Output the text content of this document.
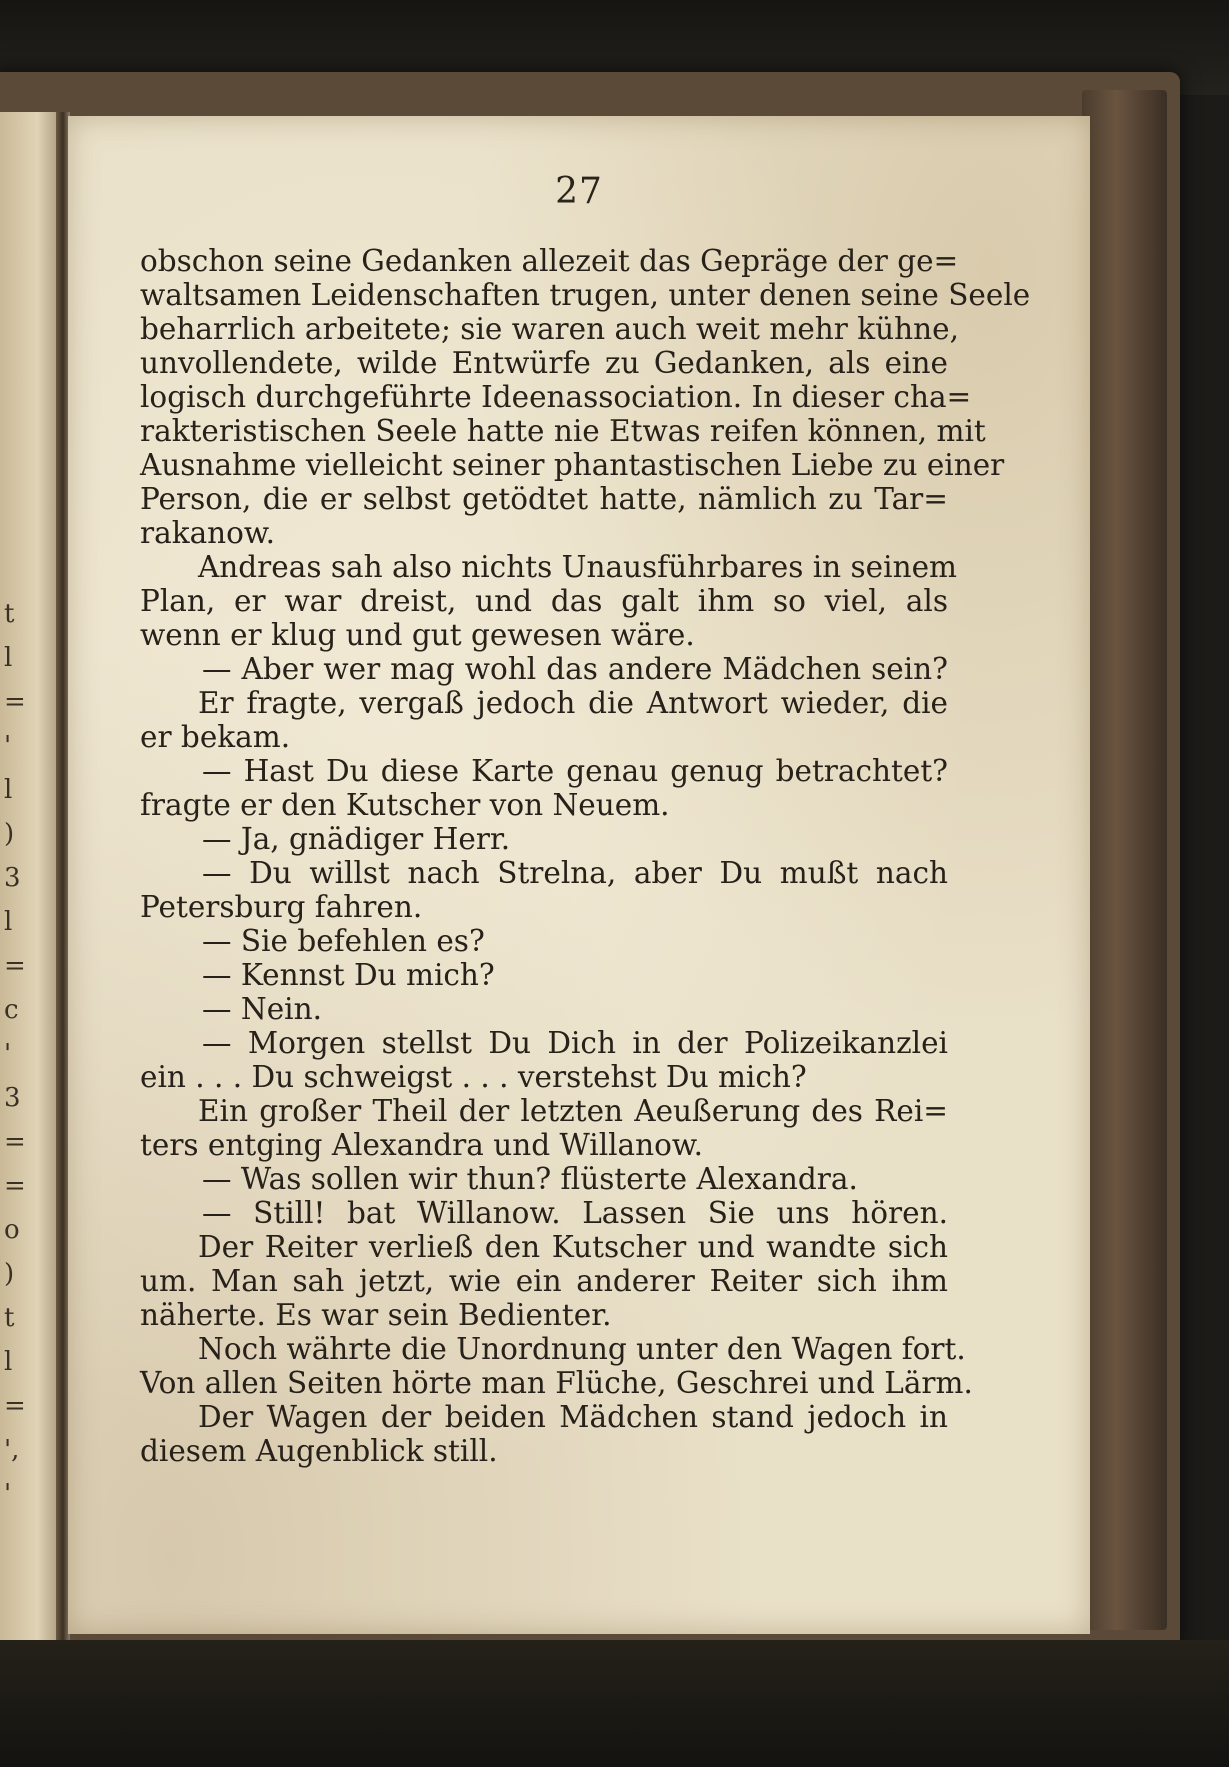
t
l
=
'
l
)
3
l
=
c
'
3
=
=
o
)
t
l
=
',
'
27
obschon seine Gedanken allezeit das Gepräge der ge=
waltsamen Leidenschaften trugen, unter denen seine Seele
beharrlich arbeitete; sie waren auch weit mehr kühne,
unvollendete, wilde Entwürfe zu Gedanken, als eine
logisch durchgeführte Ideenassociation. In dieser cha=
rakteristischen Seele hatte nie Etwas reifen können, mit
Ausnahme vielleicht seiner phantastischen Liebe zu einer
Person, die er selbst getödtet hatte, nämlich zu Tar=
rakanow.
Andreas sah also nichts Unausführbares in seinem
Plan, er war dreist, und das galt ihm so viel, als
wenn er klug und gut gewesen wäre.
— Aber wer mag wohl das andere Mädchen sein?
Er fragte, vergaß jedoch die Antwort wieder, die
er bekam.
— Hast Du diese Karte genau genug betrachtet?
fragte er den Kutscher von Neuem.
— Ja, gnädiger Herr.
— Du willst nach Strelna, aber Du mußt nach
Petersburg fahren.
— Sie befehlen es?
— Kennst Du mich?
— Nein.
— Morgen stellst Du Dich in der Polizeikanzlei
ein . . . Du schweigst . . . verstehst Du mich?
Ein großer Theil der letzten Aeußerung des Rei=
ters entging Alexandra und Willanow.
— Was sollen wir thun? flüsterte Alexandra.
— Still! bat Willanow. Lassen Sie uns hören.
Der Reiter verließ den Kutscher und wandte sich
um. Man sah jetzt, wie ein anderer Reiter sich ihm
näherte. Es war sein Bedienter.
Noch währte die Unordnung unter den Wagen fort.
Von allen Seiten hörte man Flüche, Geschrei und Lärm.
Der Wagen der beiden Mädchen stand jedoch in
diesem Augenblick still.
